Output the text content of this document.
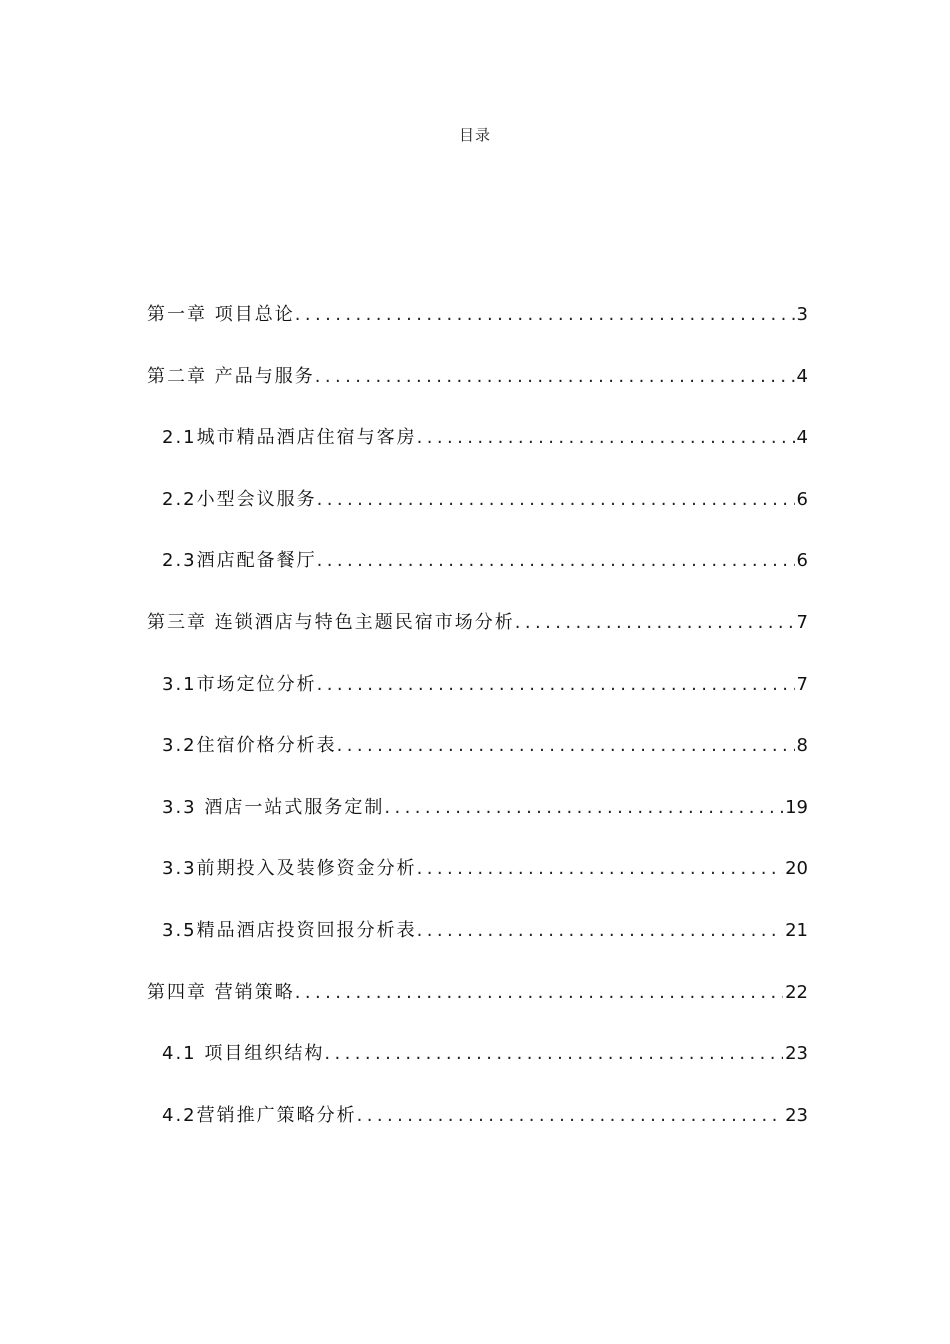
目录
第一章 项目总论 .....	3
第二章 产品与服务 .....	4
2.1城市精品酒店住宿与客房 .....	4
2.2小型会议服务 .....	6
2.3酒店配备餐厅 .....	6
第三章 连锁酒店与特色主题民宿市场分析 .....	7
3.1市场定位分析 .....	7
3.2住宿价格分析表 .....	8
3.3 酒店一站式服务定制 .....	19
3.3前期投入及装修资金分析 .....	20
3.5精品酒店投资回报分析表 .....	21
第四章 营销策略 .....	22
4.1 项目组织结构 .....	23
4.2营销推广策略分析 .....	23
